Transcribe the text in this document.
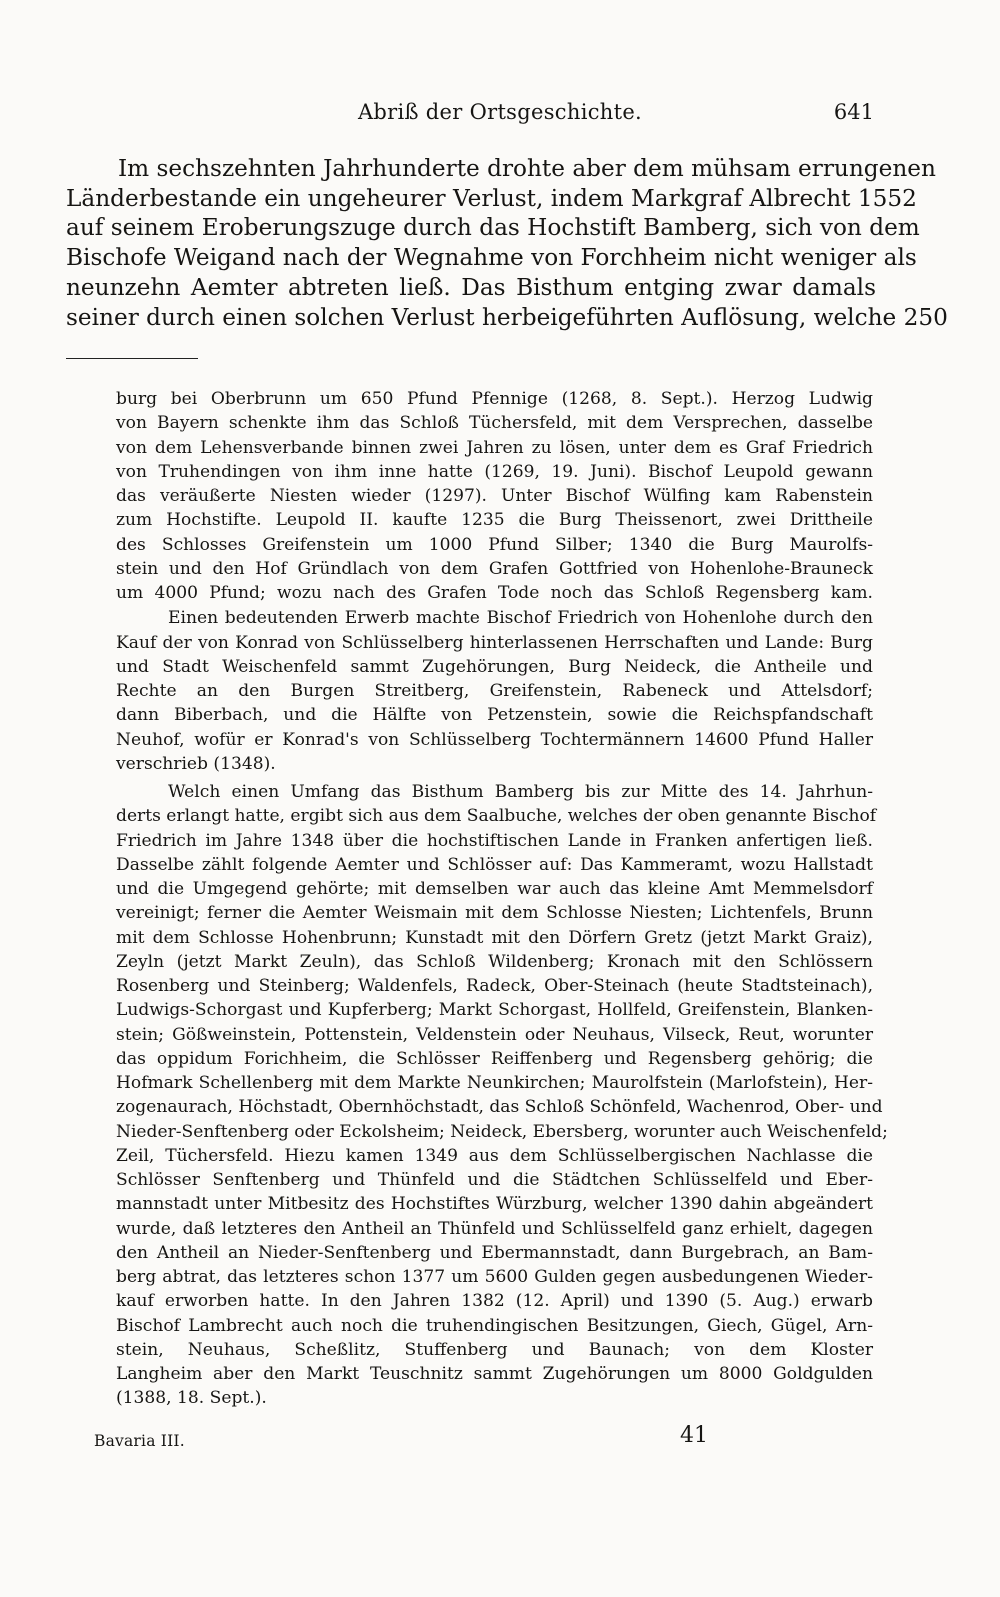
Abriß der Ortsgeschichte.	641
Im sechszehnten Jahrhunderte drohte aber dem mühsam errungenen
Länderbestande ein ungeheurer Verlust, indem Markgraf Albrecht 1552
auf seinem Eroberungszuge durch das Hochstift Bamberg, sich von dem
Bischofe Weigand nach der Wegnahme von Forchheim nicht weniger als
neunzehn Aemter abtreten ließ. Das Bisthum entging zwar damals
seiner durch einen solchen Verlust herbeigeführten Auflösung, welche 250
burg bei Oberbrunn um 650 Pfund Pfennige (1268, 8. Sept.). Herzog Ludwig
von Bayern schenkte ihm das Schloß Tüchersfeld, mit dem Versprechen, dasselbe
von dem Lehensverbande binnen zwei Jahren zu lösen, unter dem es Graf Friedrich
von Truhendingen von ihm inne hatte (1269, 19. Juni). Bischof Leupold gewann
das veräußerte Niesten wieder (1297). Unter Bischof Wülfing kam Rabenstein
zum Hochstifte. Leupold II. kaufte 1235 die Burg Theissenort, zwei Drittheile
des Schlosses Greifenstein um 1000 Pfund Silber; 1340 die Burg Maurolfs-
stein und den Hof Gründlach von dem Grafen Gottfried von Hohenlohe-Brauneck
um 4000 Pfund; wozu nach des Grafen Tode noch das Schloß Regensberg kam.
Einen bedeutenden Erwerb machte Bischof Friedrich von Hohenlohe durch den
Kauf der von Konrad von Schlüsselberg hinterlassenen Herrschaften und Lande: Burg
und Stadt Weischenfeld sammt Zugehörungen, Burg Neideck, die Antheile und
Rechte an den Burgen Streitberg, Greifenstein, Rabeneck und Attelsdorf;
dann Biberbach, und die Hälfte von Petzenstein, sowie die Reichspfandschaft
Neuhof, wofür er Konrad's von Schlüsselberg Tochtermännern 14600 Pfund Haller
verschrieb (1348).
Welch einen Umfang das Bisthum Bamberg bis zur Mitte des 14. Jahrhun-
derts erlangt hatte, ergibt sich aus dem Saalbuche, welches der oben genannte Bischof
Friedrich im Jahre 1348 über die hochstiftischen Lande in Franken anfertigen ließ.
Dasselbe zählt folgende Aemter und Schlösser auf: Das Kammeramt, wozu Hallstadt
und die Umgegend gehörte; mit demselben war auch das kleine Amt Memmelsdorf
vereinigt; ferner die Aemter Weismain mit dem Schlosse Niesten; Lichtenfels, Brunn
mit dem Schlosse Hohenbrunn; Kunstadt mit den Dörfern Gretz (jetzt Markt Graiz),
Zeyln (jetzt Markt Zeuln), das Schloß Wildenberg; Kronach mit den Schlössern
Rosenberg und Steinberg; Waldenfels, Radeck, Ober-Steinach (heute Stadtsteinach),
Ludwigs-Schorgast und Kupferberg; Markt Schorgast, Hollfeld, Greifenstein, Blanken-
stein; Gößweinstein, Pottenstein, Veldenstein oder Neuhaus, Vilseck, Reut, worunter
das oppidum Forichheim, die Schlösser Reiffenberg und Regensberg gehörig; die
Hofmark Schellenberg mit dem Markte Neunkirchen; Maurolfstein (Marlofstein), Her-
zogenaurach, Höchstadt, Obernhöchstadt, das Schloß Schönfeld, Wachenrod, Ober- und
Nieder-Senftenberg oder Eckolsheim; Neideck, Ebersberg, worunter auch Weischenfeld;
Zeil, Tüchersfeld. Hiezu kamen 1349 aus dem Schlüsselbergischen Nachlasse die
Schlösser Senftenberg und Thünfeld und die Städtchen Schlüsselfeld und Eber-
mannstadt unter Mitbesitz des Hochstiftes Würzburg, welcher 1390 dahin abgeändert
wurde, daß letzteres den Antheil an Thünfeld und Schlüsselfeld ganz erhielt, dagegen
den Antheil an Nieder-Senftenberg und Ebermannstadt, dann Burgebrach, an Bam-
berg abtrat, das letzteres schon 1377 um 5600 Gulden gegen ausbedungenen Wieder-
kauf erworben hatte. In den Jahren 1382 (12. April) und 1390 (5. Aug.) erwarb
Bischof Lambrecht auch noch die truhendingischen Besitzungen, Giech, Gügel, Arn-
stein, Neuhaus, Scheßlitz, Stuffenberg und Baunach; von dem Kloster
Langheim aber den Markt Teuschnitz sammt Zugehörungen um 8000 Goldgulden
(1388, 18. Sept.).
Bavaria III.	41
